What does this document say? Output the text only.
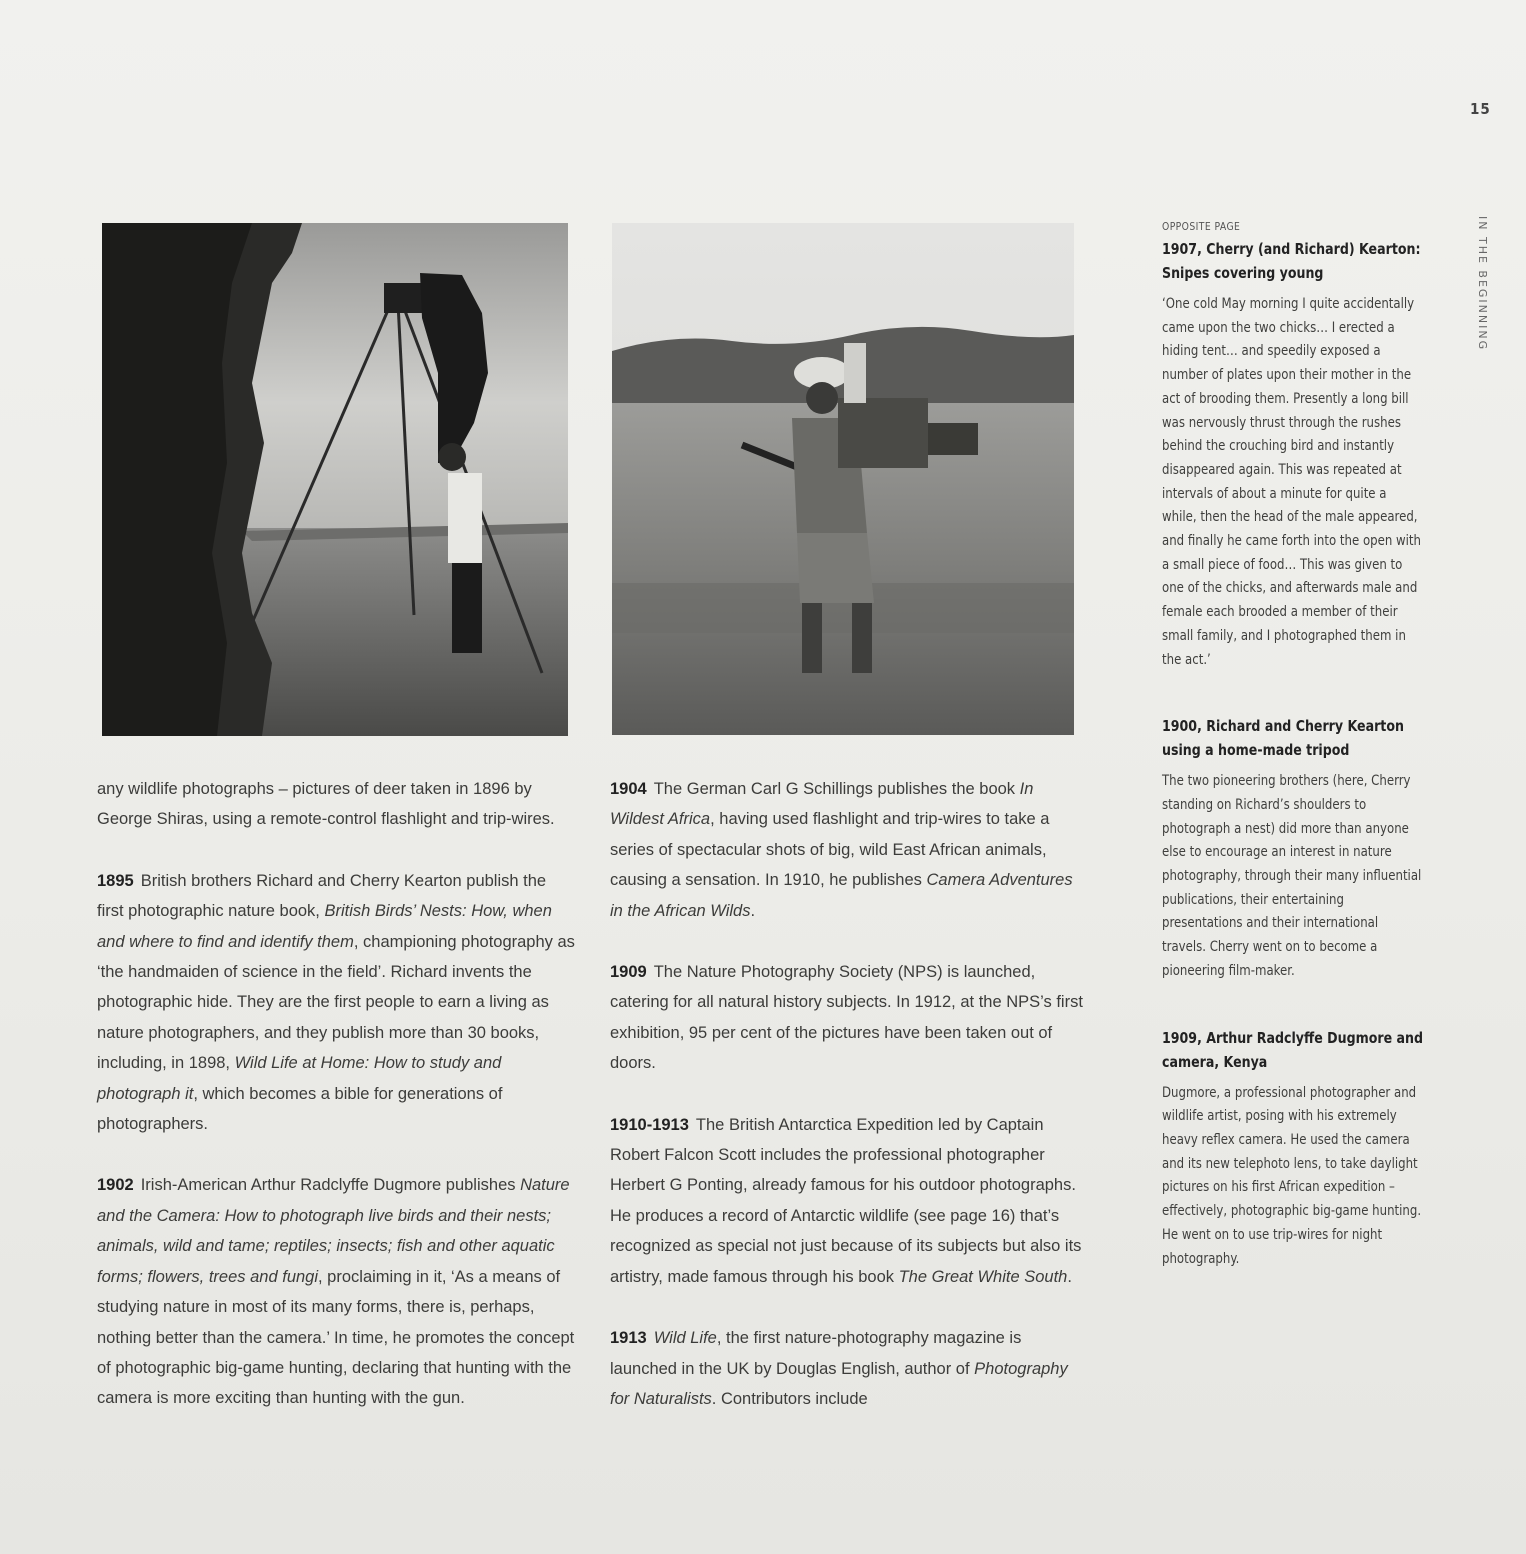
15
IN THE BEGINNING

any wildlife photographs – pictures of deer taken in 1896 by George Shiras, using a remote-control flashlight and trip-wires.

1895 British brothers Richard and Cherry Kearton publish the first photographic nature book, British Birds’ Nests: How, when and where to find and identify them, championing photography as ‘the handmaiden of science in the field’. Richard invents the photographic hide. They are the first people to earn a living as nature photographers, and they publish more than 30 books, including, in 1898, Wild Life at Home: How to study and photograph it, which becomes a bible for generations of photographers.

1902 Irish-American Arthur Radclyffe Dugmore publishes Nature and the Camera: How to photograph live birds and their nests; animals, wild and tame; reptiles; insects; fish and other aquatic forms; flowers, trees and fungi, proclaiming in it, ‘As a means of studying nature in most of its many forms, there is, perhaps, nothing better than the camera.’ In time, he promotes the concept of photographic big-game hunting, declaring that hunting with the camera is more exciting than hunting with the gun.

1904 The German Carl G Schillings publishes the book In Wildest Africa, having used flashlight and trip-wires to take a series of spectacular shots of big, wild East African animals, causing a sensation. In 1910, he publishes Camera Adventures in the African Wilds.

1909 The Nature Photography Society (NPS) is launched, catering for all natural history subjects. In 1912, at the NPS’s first exhibition, 95 per cent of the pictures have been taken out of doors.

1910-1913 The British Antarctica Expedition led by Captain Robert Falcon Scott includes the professional photographer Herbert G Ponting, already famous for his outdoor photographs. He produces a record of Antarctic wildlife (see page 16) that’s recognized as special not just because of its subjects but also its artistry, made famous through his book The Great White South.

1913 Wild Life, the first nature-photography magazine is launched in the UK by Douglas English, author of Photography for Naturalists. Contributors include

OPPOSITE PAGE
1907, Cherry (and Richard) Kearton: Snipes covering young
‘One cold May morning I quite accidentally came upon the two chicks… I erected a hiding tent… and speedily exposed a number of plates upon their mother in the act of brooding them. Presently a long bill was nervously thrust through the rushes behind the crouching bird and instantly disappeared again. This was repeated at intervals of about a minute for quite a while, then the head of the male appeared, and finally he came forth into the open with a small piece of food… This was given to one of the chicks, and afterwards male and female each brooded a member of their small family, and I photographed them in the act.’
1900, Richard and Cherry Kearton using a home-made tripod
The two pioneering brothers (here, Cherry standing on Richard’s shoulders to photograph a nest) did more than anyone else to encourage an interest in nature photography, through their many influential publications, their entertaining presentations and their international travels. Cherry went on to become a pioneering film-maker.
1909, Arthur Radclyffe Dugmore and camera, Kenya
Dugmore, a professional photographer and wildlife artist, posing with his extremely heavy reflex camera. He used the camera and its new telephoto lens, to take daylight pictures on his first African expedition – effectively, photographic big-game hunting. He went on to use trip-wires for night photography.
